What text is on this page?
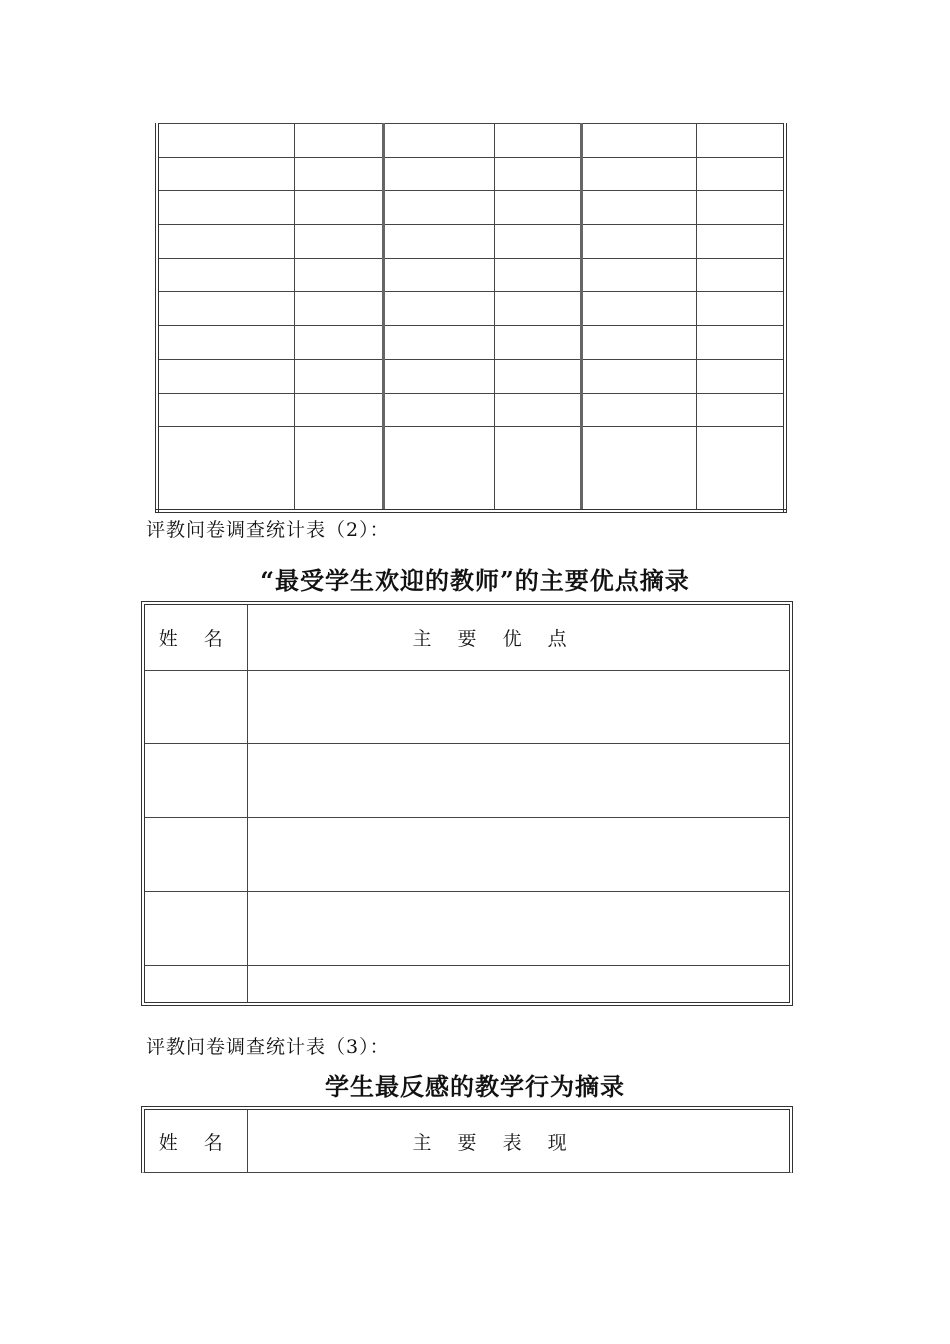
评教问卷调查统计表（2）：
“最受学生欢迎的教师”的主要优点摘录
姓 名	主 要 优 点

评教问卷调查统计表（3）：
学生最反感的教学行为摘录
姓 名	主 要 表 现
